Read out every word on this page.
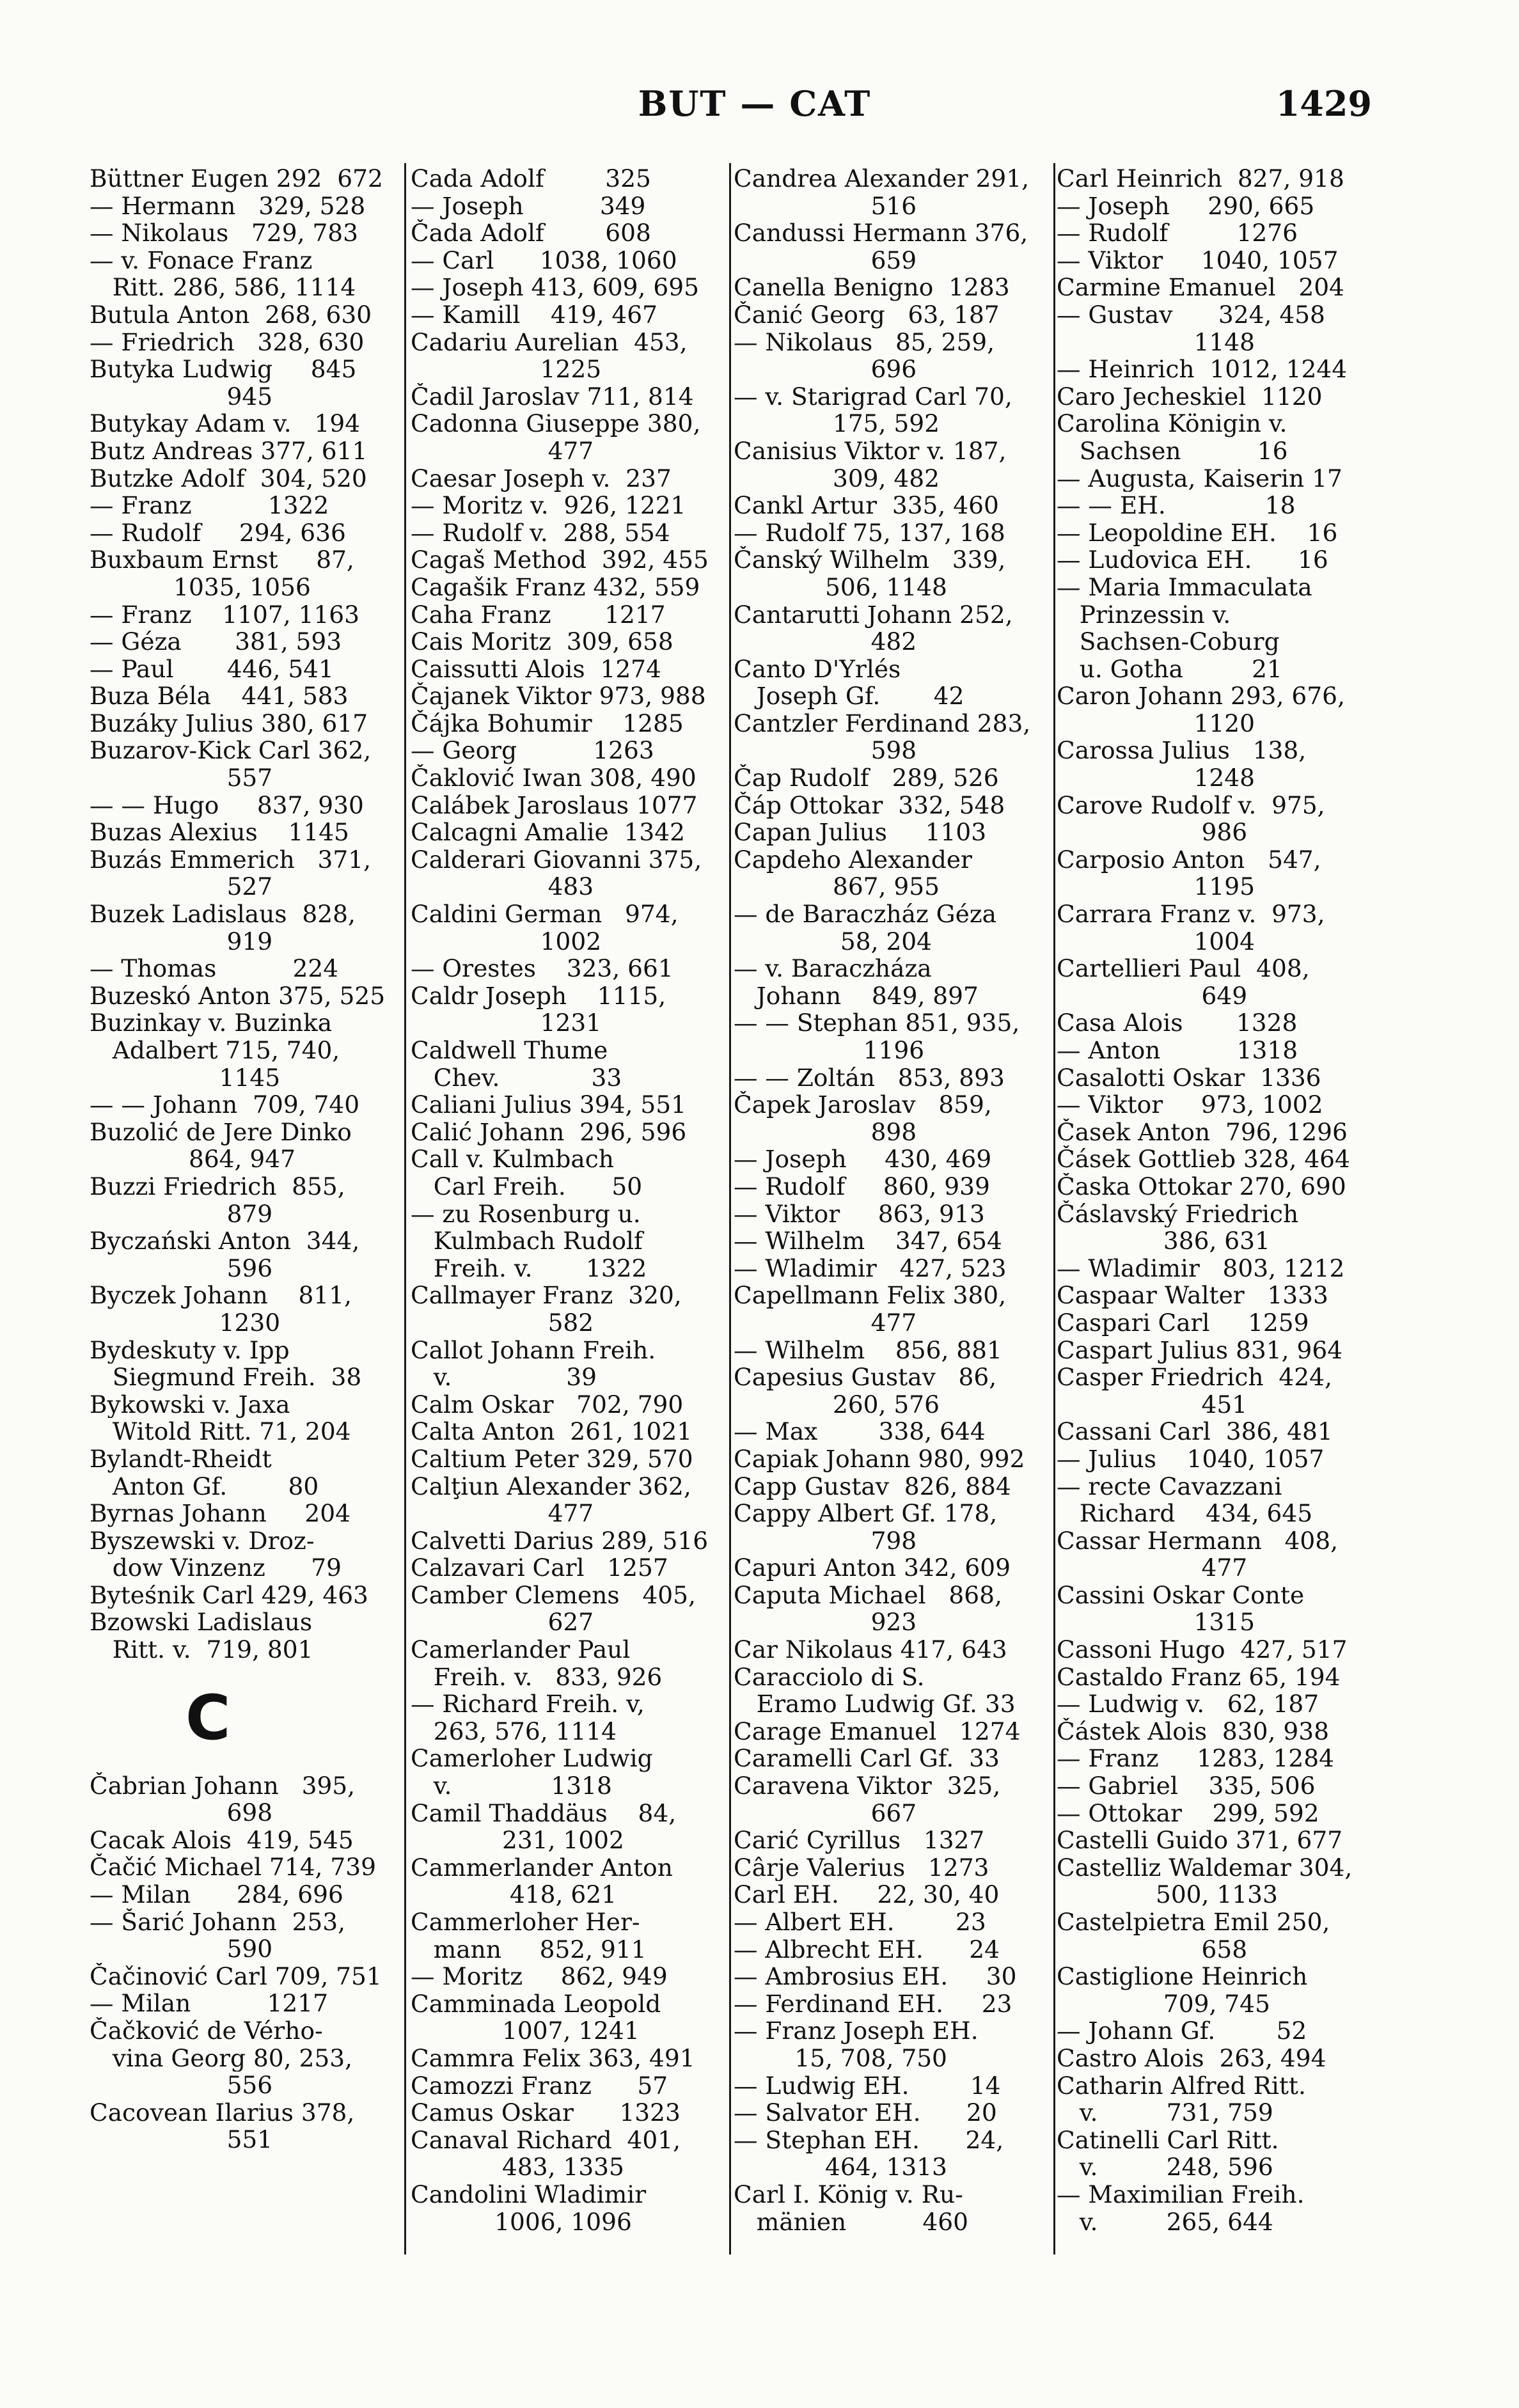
BUT — CAT	1429
Büttner Eugen 292  672
— Hermann   329, 528
— Nikolaus   729, 783
— v. Fonace Franz
Ritt. 286, 586, 1114
Butula Anton  268, 630
— Friedrich   328, 630
Butyka Ludwig     845
945
Butykay Adam v.   194
Butz Andreas 377, 611
Butzke Adolf  304, 520
— Franz          1322
— Rudolf     294, 636
Buxbaum Ernst     87,
1035, 1056
— Franz    1107, 1163
— Géza       381, 593
— Paul       446, 541
Buza Béla    441, 583
Buzáky Julius 380, 617
Buzarov-Kick Carl 362,
557
— — Hugo     837, 930
Buzas Alexius    1145
Buzás Emmerich   371,
527
Buzek Ladislaus  828,
919
— Thomas          224
Buzeskó Anton 375, 525
Buzinkay v. Buzinka
Adalbert 715, 740,
1145
— — Johann  709, 740
Buzolić de Jere Dinko
864, 947
Buzzi Friedrich  855,
879
Byczański Anton  344,
596
Byczek Johann    811,
1230
Bydeskuty v. Ipp
Siegmund Freih.  38
Bykowski v. Jaxa
Witold Ritt. 71, 204
Bylandt-Rheidt
Anton Gf.        80
Byrnas Johann     204
Byszewski v. Droz-
dow Vinzenz      79
Byteśnik Carl 429, 463
Bzowski Ladislaus
Ritt. v.  719, 801
C
Čabrian Johann   395,
698
Cacak Alois  419, 545
Čačić Michael 714, 739
— Milan      284, 696
— Šarić Johann  253,
590
Čačinović Carl 709, 751
— Milan          1217
Čačković de Vérho-
vina Georg 80, 253,
556
Cacovean Ilarius 378,
551
Cada Adolf        325
— Joseph          349
Čada Adolf        608
— Carl      1038, 1060
— Joseph 413, 609, 695
— Kamill    419, 467
Cadariu Aurelian  453,
1225
Čadil Jaroslav 711, 814
Cadonna Giuseppe 380,
477
Caesar Joseph v.  237
— Moritz v.  926, 1221
— Rudolf v.  288, 554
Cagaš Method  392, 455
Cagašik Franz 432, 559
Caha Franz       1217
Cais Moritz  309, 658
Caissutti Alois  1274
Čajanek Viktor 973, 988
Čájka Bohumir    1285
— Georg          1263
Čaklović Iwan 308, 490
Calábek Jaroslaus 1077
Calcagni Amalie  1342
Calderari Giovanni 375,
483
Caldini German   974,
1002
— Orestes    323, 661
Caldr Joseph    1115,
1231
Caldwell Thume
Chev.            33
Caliani Julius 394, 551
Calić Johann  296, 596
Call v. Kulmbach
Carl Freih.      50
— zu Rosenburg u.
Kulmbach Rudolf
Freih. v.       1322
Callmayer Franz  320,
582
Callot Johann Freih.
v.               39
Calm Oskar   702, 790
Calta Anton  261, 1021
Caltium Peter 329, 570
Calţiun Alexander 362,
477
Calvetti Darius 289, 516
Calzavari Carl   1257
Camber Clemens   405,
627
Camerlander Paul
Freih. v.   833, 926
— Richard Freih. v,
263, 576, 1114
Camerloher Ludwig
v.             1318
Camil Thaddäus    84,
231, 1002
Cammerlander Anton
418, 621
Cammerloher Her-
mann     852, 911
— Moritz     862, 949
Camminada Leopold
1007, 1241
Cammra Felix 363, 491
Camozzi Franz      57
Camus Oskar      1323
Canaval Richard  401,
483, 1335
Candolini Wladimir
1006, 1096
Candrea Alexander 291,
516
Candussi Hermann 376,
659
Canella Benigno  1283
Čanić Georg   63, 187
— Nikolaus   85, 259,
696
— v. Starigrad Carl 70,
175, 592
Canisius Viktor v. 187,
309, 482
Cankl Artur  335, 460
— Rudolf 75, 137, 168
Čanský Wilhelm   339,
506, 1148
Cantarutti Johann 252,
482
Canto D'Yrlés
Joseph Gf.       42
Cantzler Ferdinand 283,
598
Čap Rudolf   289, 526
Čáp Ottokar  332, 548
Capan Julius     1103
Capdeho Alexander
867, 955
— de Baraczház Géza
58, 204
— v. Baraczháza
Johann    849, 897
— — Stephan 851, 935,
1196
— — Zoltán   853, 893
Čapek Jaroslav   859,
898
— Joseph     430, 469
— Rudolf     860, 939
— Viktor     863, 913
— Wilhelm    347, 654
— Wladimir   427, 523
Capellmann Felix 380,
477
— Wilhelm    856, 881
Capesius Gustav   86,
260, 576
— Max        338, 644
Capiak Johann 980, 992
Capp Gustav  826, 884
Cappy Albert Gf. 178,
798
Capuri Anton 342, 609
Caputa Michael   868,
923
Car Nikolaus 417, 643
Caracciolo di S.
Eramo Ludwig Gf. 33
Carage Emanuel   1274
Caramelli Carl Gf.  33
Caravena Viktor  325,
667
Carić Cyrillus   1327
Cârje Valerius   1273
Carl EH.     22, 30, 40
— Albert EH.        23
— Albrecht EH.      24
— Ambrosius EH.     30
— Ferdinand EH.     23
— Franz Joseph EH.
15, 708, 750
— Ludwig EH.        14
— Salvator EH.      20
— Stephan EH.      24,
464, 1313
Carl I. König v. Ru-
mänien          460
Carl Heinrich  827, 918
— Joseph     290, 665
— Rudolf         1276
— Viktor     1040, 1057
Carmine Emanuel   204
— Gustav      324, 458
1148
— Heinrich  1012, 1244
Caro Jecheskiel  1120
Carolina Königin v.
Sachsen          16
— Augusta, Kaiserin 17
— — EH.             18
— Leopoldine EH.    16
— Ludovica EH.      16
— Maria Immaculata
Prinzessin v.
Sachsen-Coburg
u. Gotha         21
Caron Johann 293, 676,
1120
Carossa Julius   138,
1248
Carove Rudolf v.  975,
986
Carposio Anton   547,
1195
Carrara Franz v.  973,
1004
Cartellieri Paul  408,
649
Casa Alois       1328
— Anton          1318
Casalotti Oskar  1336
— Viktor     973, 1002
Časek Anton  796, 1296
Čásek Gottlieb 328, 464
Časka Ottokar 270, 690
Čáslavský Friedrich
386, 631
— Wladimir   803, 1212
Caspaar Walter   1333
Caspari Carl     1259
Caspart Julius 831, 964
Casper Friedrich  424,
451
Cassani Carl  386, 481
— Julius    1040, 1057
— recte Cavazzani
Richard    434, 645
Cassar Hermann   408,
477
Cassini Oskar Conte
1315
Cassoni Hugo  427, 517
Castaldo Franz 65, 194
— Ludwig v.   62, 187
Částek Alois  830, 938
— Franz     1283, 1284
— Gabriel    335, 506
— Ottokar    299, 592
Castelli Guido 371, 677
Castelliz Waldemar 304,
500, 1133
Castelpietra Emil 250,
658
Castiglione Heinrich
709, 745
— Johann Gf.        52
Castro Alois  263, 494
Catharin Alfred Ritt.
v.         731, 759
Catinelli Carl Ritt.
v.         248, 596
— Maximilian Freih.
v.         265, 644
